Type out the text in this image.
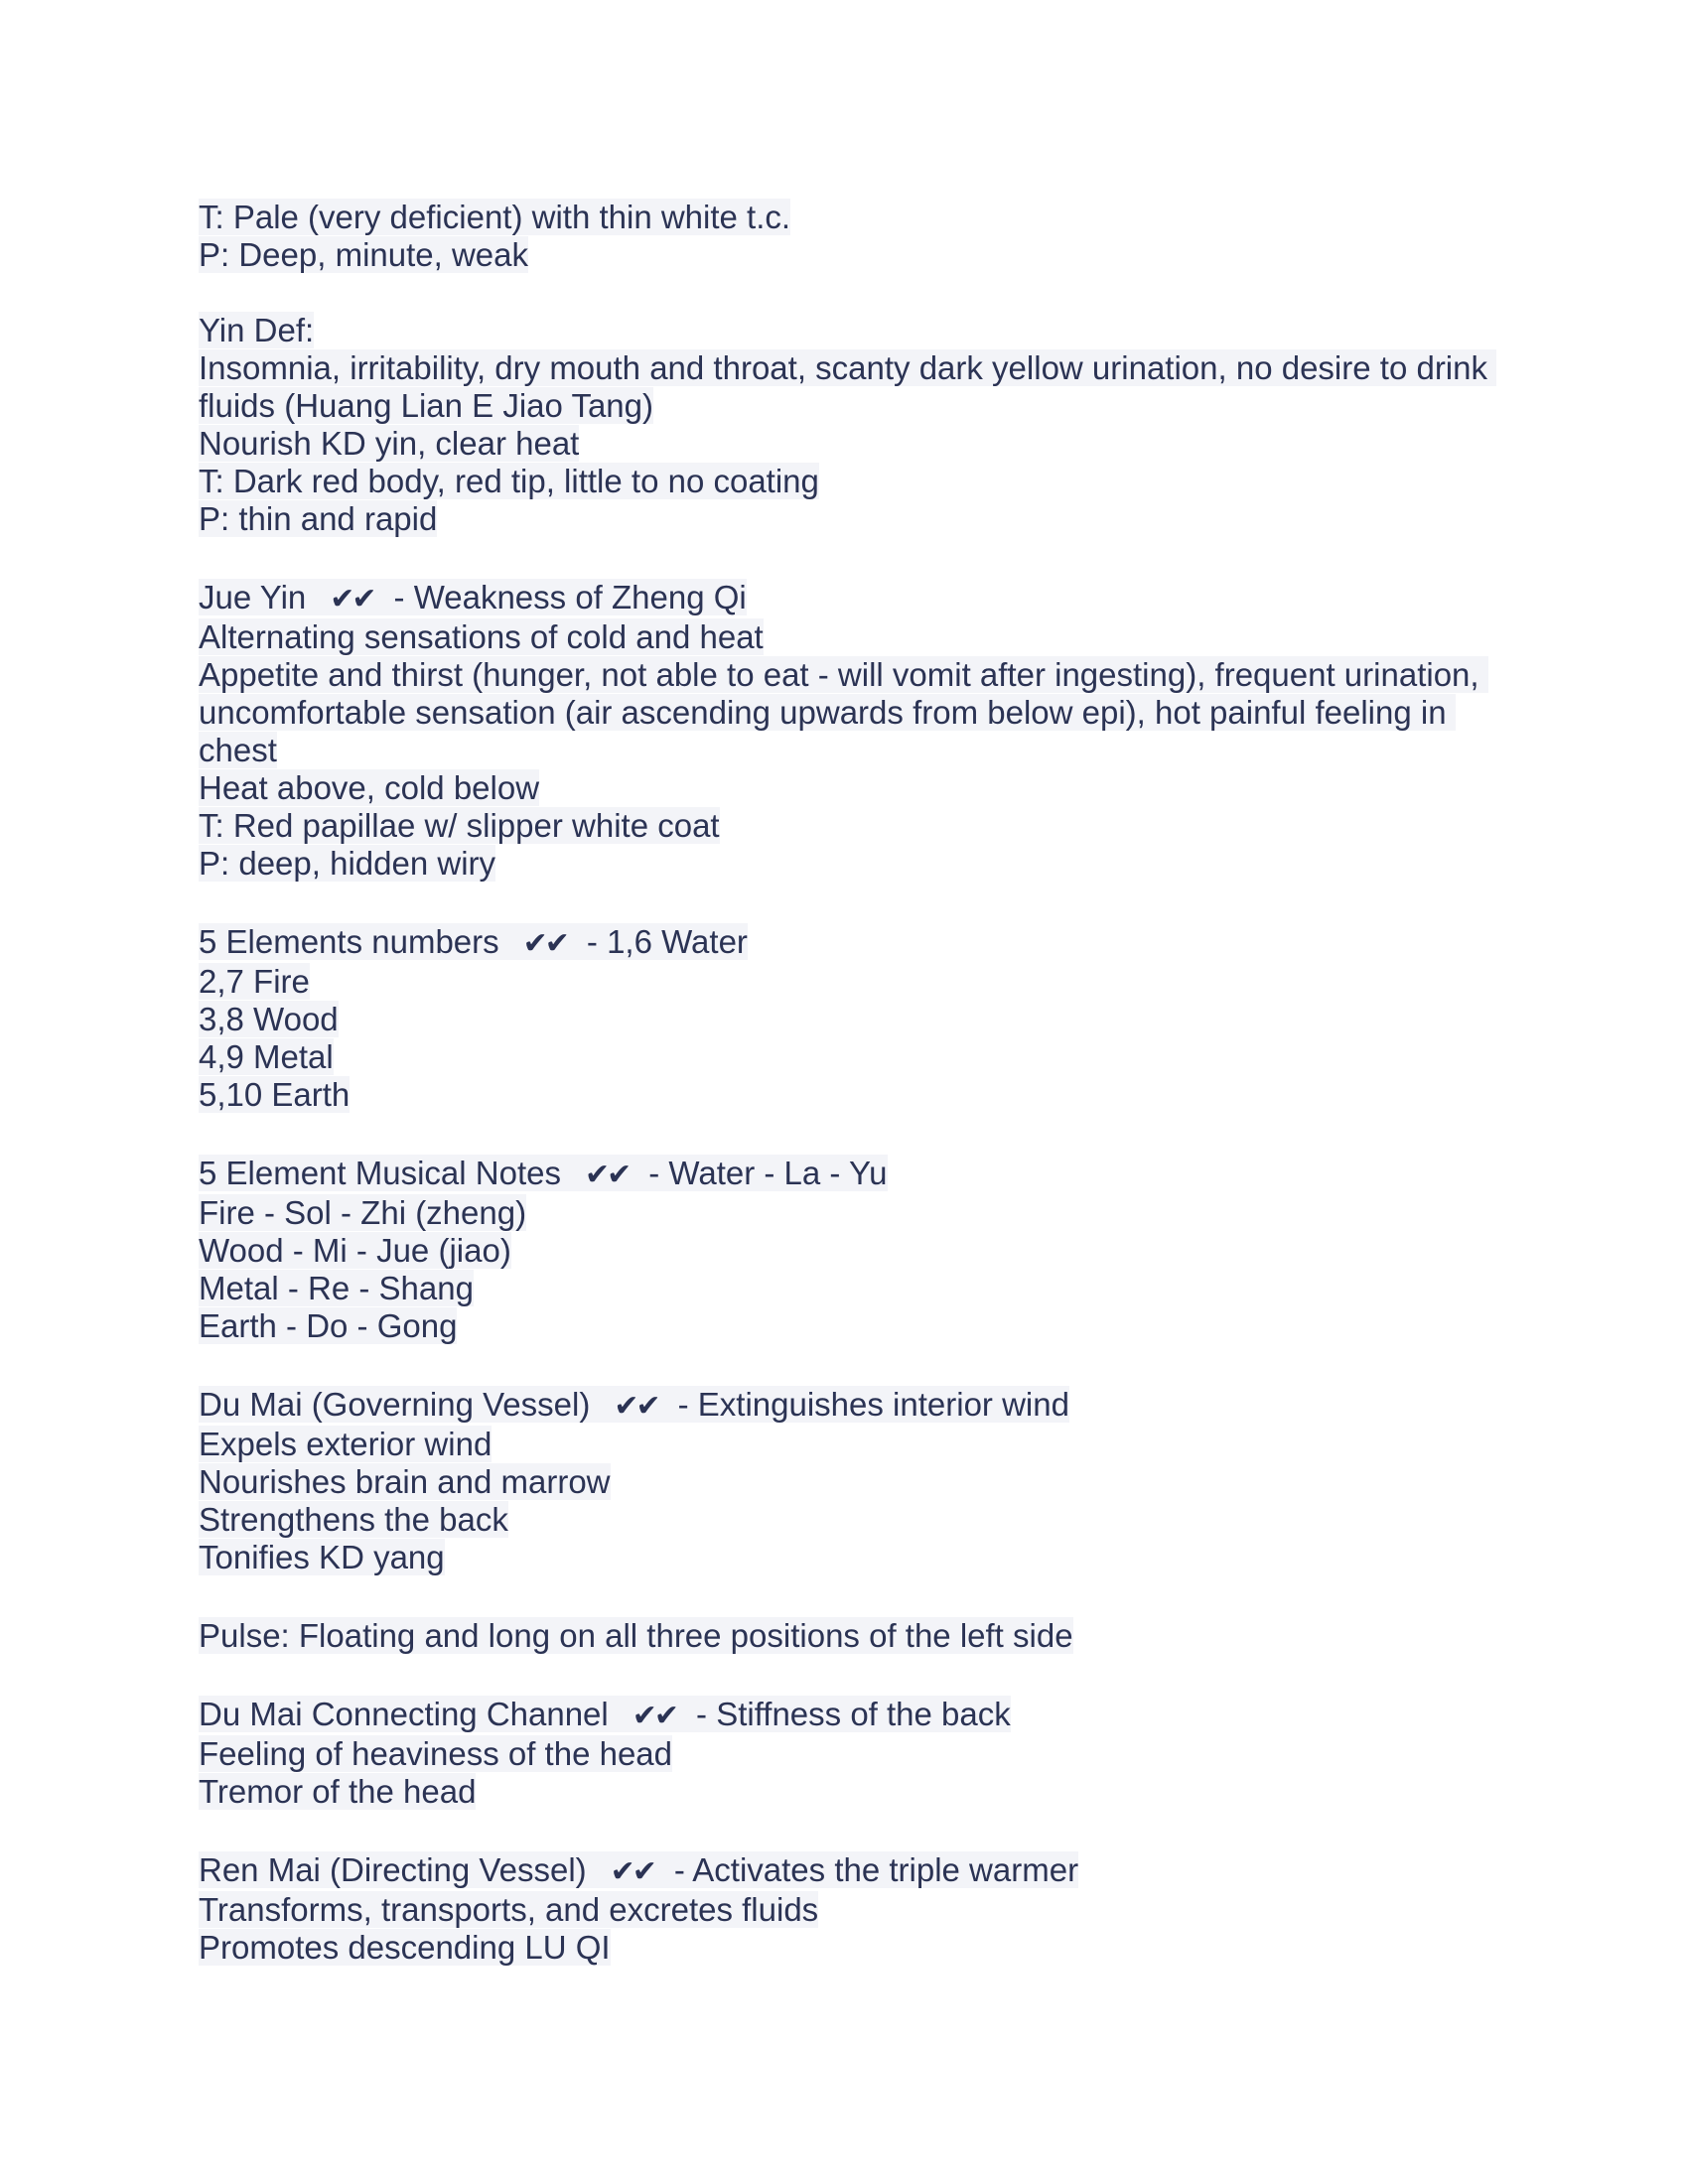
T: Pale (very deficient) with thin white t.c.
P: Deep, minute, weak
Yin Def:
Insomnia, irritability, dry mouth and throat, scanty dark yellow urination, no desire to drink fluids (Huang Lian E Jiao Tang)
Nourish KD yin, clear heat
T: Dark red body, red tip, little to no coating
P: thin and rapid
Jue Yin ✔✔ - Weakness of Zheng Qi
Alternating sensations of cold and heat
Appetite and thirst (hunger, not able to eat - will vomit after ingesting), frequent urination, uncomfortable sensation (air ascending upwards from below epi), hot painful feeling in chest
Heat above, cold below
T: Red papillae w/ slipper white coat
P: deep, hidden wiry
5 Elements numbers ✔✔ - 1,6 Water
2,7 Fire
3,8 Wood
4,9 Metal
5,10 Earth
5 Element Musical Notes ✔✔ - Water - La - Yu
Fire - Sol - Zhi (zheng)
Wood - Mi - Jue (jiao)
Metal - Re - Shang
Earth - Do - Gong
Du Mai (Governing Vessel) ✔✔ - Extinguishes interior wind
Expels exterior wind
Nourishes brain and marrow
Strengthens the back
Tonifies KD yang
Pulse: Floating and long on all three positions of the left side
Du Mai Connecting Channel ✔✔ - Stiffness of the back
Feeling of heaviness of the head
Tremor of the head
Ren Mai (Directing Vessel) ✔✔ - Activates the triple warmer
Transforms, transports, and excretes fluids
Promotes descending LU QI
